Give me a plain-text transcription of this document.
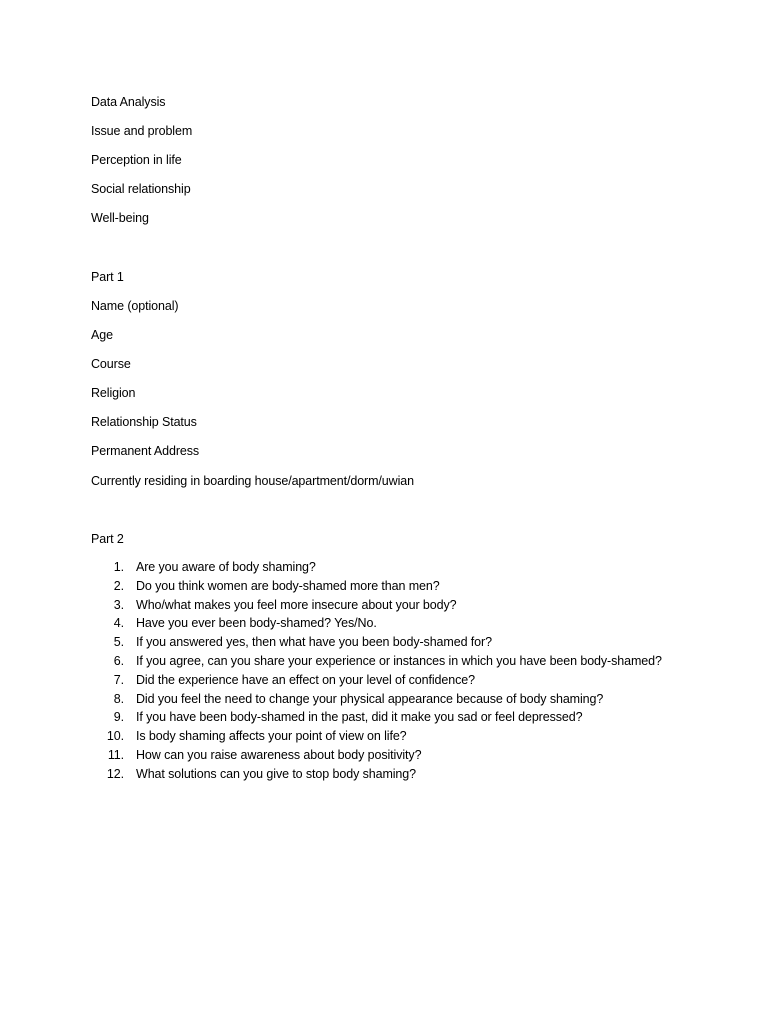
Data Analysis
Issue and problem
Perception in life
Social relationship
Well-being
Part 1
Name (optional)
Age
Course
Religion
Relationship Status
Permanent Address
Currently residing in boarding house/apartment/dorm/uwian
Part 2
1. Are you aware of body shaming?
2. Do you think women are body-shamed more than men?
3. Who/what makes you feel more insecure about your body?
4. Have you ever been body-shamed? Yes/No.
5. If you answered yes, then what have you been body-shamed for?
6. If you agree, can you share your experience or instances in which you have been body-shamed?
7. Did the experience have an effect on your level of confidence?
8. Did you feel the need to change your physical appearance because of body shaming?
9. If you have been body-shamed in the past, did it make you sad or feel depressed?
10. Is body shaming affects your point of view on life?
11. How can you raise awareness about body positivity?
12. What solutions can you give to stop body shaming?
